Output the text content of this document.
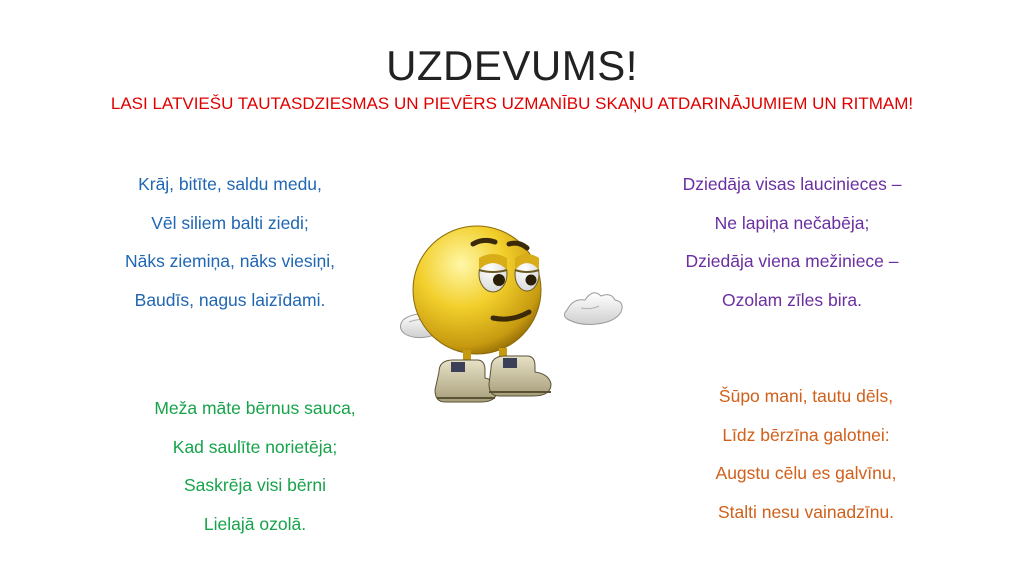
UZDEVUMS!
LASI LATVIEŠU TAUTASDZIESMAS UN PIEVĒRS UZMANĪBU SKAŅU ATDARINĀJUMIEM UN RITMAM!
Krāj, bitīte, saldu medu,
Vēl siliem balti ziedi;
Nāks ziemiņa, nāks viesiņi,
Baudīs, nagus laizīdami.
Dziedāja visas laucinieces –
Ne lapiņa nečabēja;
Dziedāja viena mežiniece –
Ozolam zīles bira.
Meža māte bērnus sauca,
Kad saulīte norietēja;
Saskrēja visi bērni
Lielajā ozolā.
Šūpo mani, tautu dēls,
Līdz bērzīna galotnei:
Augstu cēlu es galvīnu,
Stalti nesu vainadzīnu.
